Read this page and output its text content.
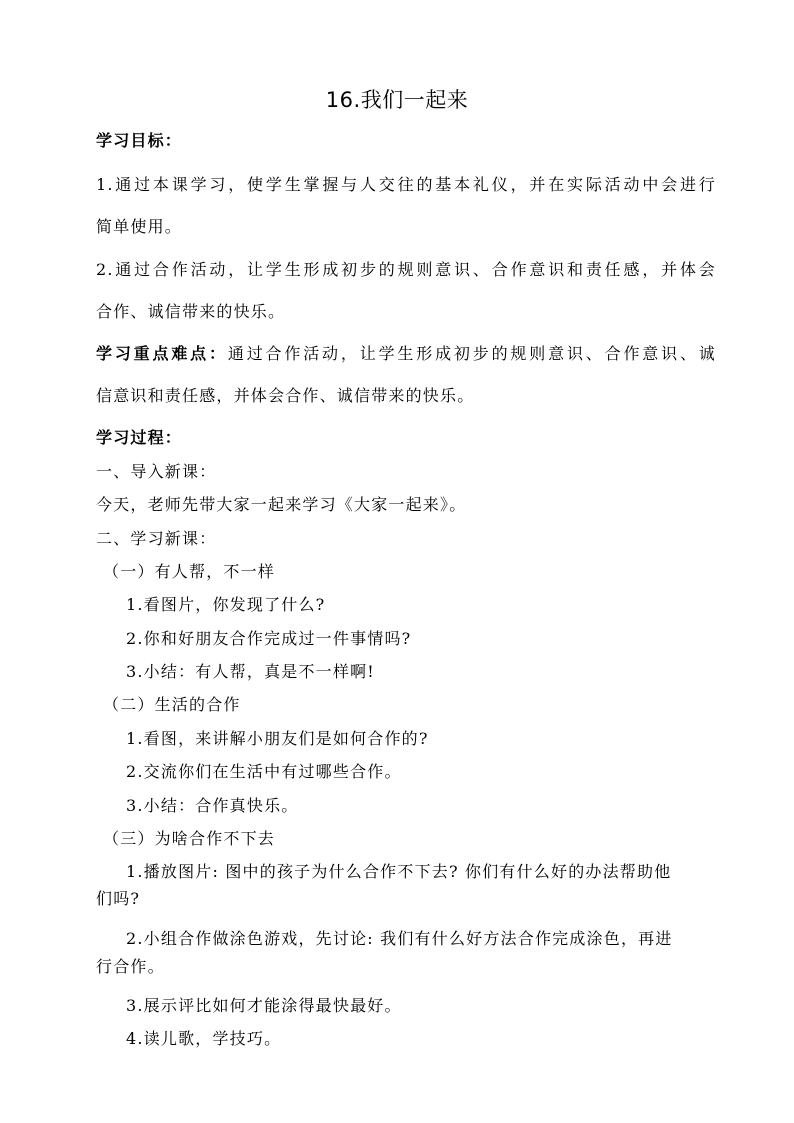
16.我们一起来
学习目标：
1.通过本课学习，使学生掌握与人交往的基本礼仪，并在实际活动中会进行
简单使用。
2.通过合作活动，让学生形成初步的规则意识、合作意识和责任感，并体会
合作、诚信带来的快乐。
学习重点难点：通过合作活动，让学生形成初步的规则意识、合作意识、诚
信意识和责任感，并体会合作、诚信带来的快乐。
学习过程：
一、导入新课：
今天，老师先带大家一起来学习《大家一起来》。
二、学习新课：
（一）有人帮，不一样
1.看图片，你发现了什么?
2.你和好朋友合作完成过一件事情吗?
3.小结：有人帮，真是不一样啊!
（二）生活的合作
1.看图，来讲解小朋友们是如何合作的?
2.交流你们在生活中有过哪些合作。
3.小结：合作真快乐。
（三）为啥合作不下去
1.播放图片: 图中的孩子为什么合作不下去? 你们有什么好的办法帮助他
们吗?
2.小组合作做涂色游戏，先讨论: 我们有什么好方法合作完成涂色，再进
行合作。
3.展示评比如何才能涂得最快最好。
4.读儿歌，学技巧。
